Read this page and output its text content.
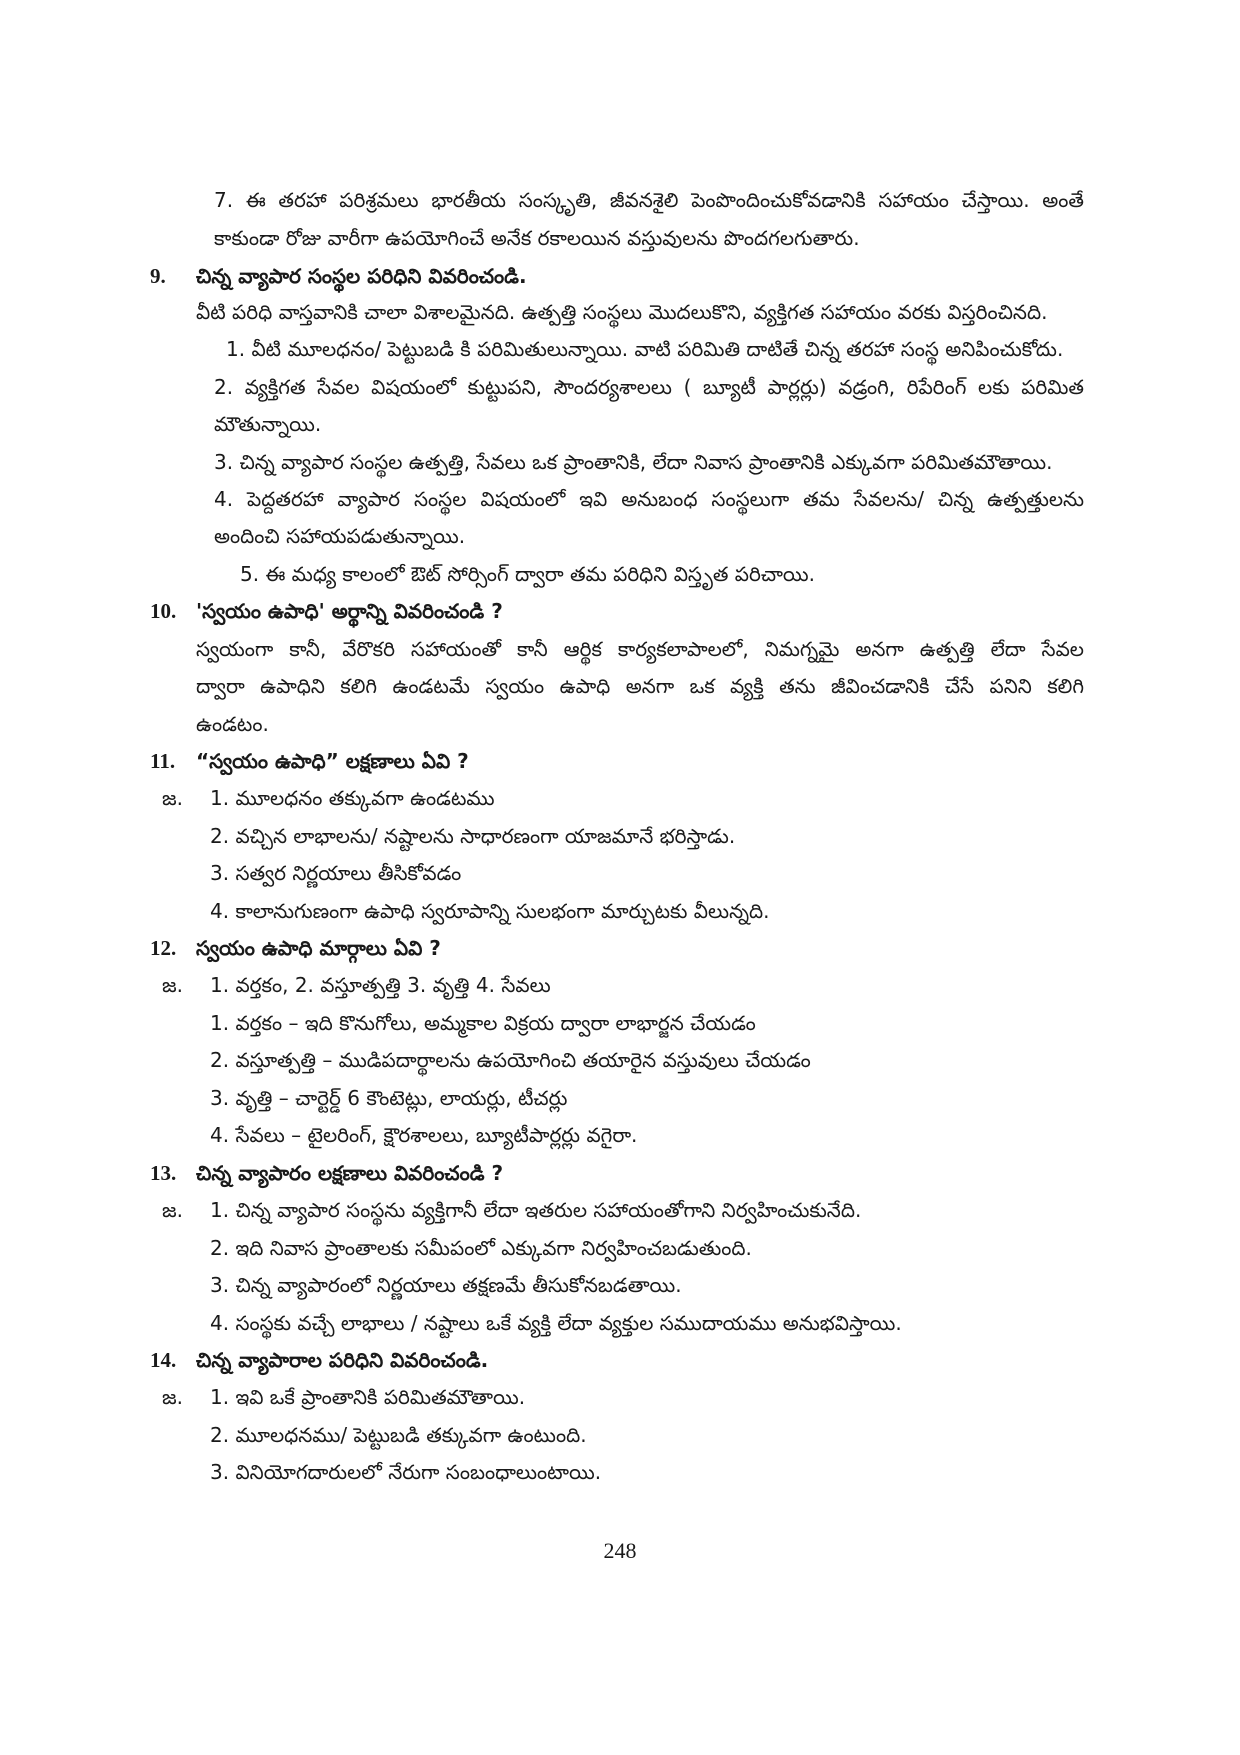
7. ఈ తరహా పరిశ్రమలు భారతీయ సంస్కృతి, జీవనశైలి పెంపొందించుకోవడానికి సహాయం చేస్తాయి. అంతే
కాకుండా రోజు వారీగా ఉపయోగించే అనేక రకాలయిన వస్తువులను పొందగలగుతారు.
9. చిన్న వ్యాపార సంస్థల పరిధిని వివరించండి.
వీటి పరిధి వాస్తవానికి చాలా విశాలమైనది. ఉత్పత్తి సంస్థలు మొదలుకొని, వ్యక్తిగత సహాయం వరకు విస్తరించినది.
1. వీటి మూలధనం/ పెట్టుబడి కి పరిమితులున్నాయి. వాటి పరిమితి దాటితే చిన్న తరహా సంస్థ అనిపించుకోదు.
2. వ్యక్తిగత సేవల విషయంలో కుట్టుపని, సౌందర్యశాలలు ( బ్యూటీ పార్లర్లు) వడ్రంగి, రిపేరింగ్ లకు పరిమిత
మౌతున్నాయి.
3. చిన్న వ్యాపార సంస్థల ఉత్పత్తి, సేవలు ఒక ప్రాంతానికి, లేదా నివాస ప్రాంతానికి ఎక్కువగా పరిమితమౌతాయి.
4. పెద్దతరహా వ్యాపార సంస్థల విషయంలో ఇవి అనుబంధ సంస్థలుగా తమ సేవలను/ చిన్న ఉత్పత్తులను
అందించి సహాయపడుతున్నాయి.
5. ఈ మధ్య కాలంలో ఔట్ సోర్సింగ్ ద్వారా తమ పరిధిని విస్తృత పరిచాయి.
10. 'స్వయం ఉపాధి' అర్థాన్ని వివరించండి ?
స్వయంగా కానీ, వేరొకరి సహాయంతో కానీ ఆర్థిక కార్యకలాపాలలో, నిమగ్నమై అనగా ఉత్పత్తి లేదా సేవల
ద్వారా ఉపాధిని కలిగి ఉండటమే స్వయం ఉపాధి అనగా ఒక వ్యక్తి తను జీవించడానికి చేసే పనిని కలిగి
ఉండటం.
11. “స్వయం ఉపాధి” లక్షణాలు ఏవి ?
జ. 1. మూలధనం తక్కువగా ఉండటము
2. వచ్చిన లాభాలను/ నష్టాలను సాధారణంగా యాజమానే భరిస్తాడు.
3. సత్వర నిర్ణయాలు తీసికోవడం
4. కాలానుగుణంగా ఉపాధి స్వరూపాన్ని సులభంగా మార్చుటకు వీలున్నది.
12. స్వయం ఉపాధి మార్గాలు ఏవి ?
జ. 1. వర్తకం, 2. వస్తూత్పత్తి 3. వృత్తి 4. సేవలు
1. వర్తకం – ఇది కొనుగోలు, అమ్మకాల విక్రయ ద్వారా లాభార్జన చేయడం
2. వస్తూత్పత్తి – ముడిపదార్థాలను ఉపయోగించి తయారైన వస్తువులు చేయడం
3. వృత్తి – చార్టెర్డ్ 6 కౌంటెట్లు, లాయర్లు, టీచర్లు
4. సేవలు – టైలరింగ్, క్షౌరశాలలు, బ్యూటీపార్లర్లు వగైరా.
13. చిన్న వ్యాపారం లక్షణాలు వివరించండి ?
జ. 1. చిన్న వ్యాపార సంస్థను వ్యక్తిగానీ లేదా ఇతరుల సహాయంతోగాని నిర్వహించుకునేది.
2. ఇది నివాస ప్రాంతాలకు సమీపంలో ఎక్కువగా నిర్వహించబడుతుంది.
3. చిన్న వ్యాపారంలో నిర్ణయాలు తక్షణమే తీసుకోనబడతాయి.
4. సంస్థకు వచ్చే లాభాలు / నష్టాలు ఒకే వ్యక్తి లేదా వ్యక్తుల సముదాయము అనుభవిస్తాయి.
14. చిన్న వ్యాపారాల పరిధిని వివరించండి.
జ. 1. ఇవి ఒకే ప్రాంతానికి పరిమితమౌతాయి.
2. మూలధనము/ పెట్టుబడి తక్కువగా ఉంటుంది.
3. వినియోగదారులలో నేరుగా సంబంధాలుంటాయి.
248
